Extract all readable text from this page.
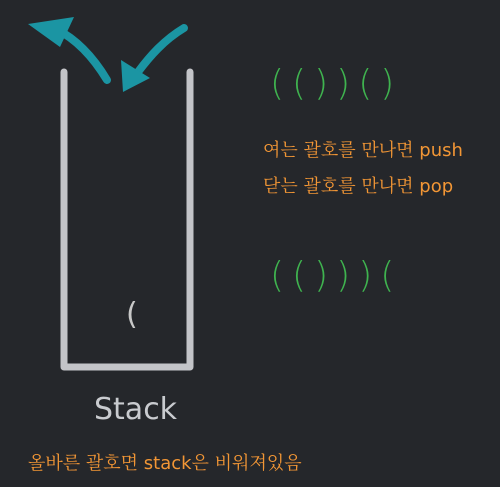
( ( ) ) ( )
여는 괄호를 만나면 push
닫는 괄호를 만나면 pop
( ( ) ) ) (
(
Stack
올바른 괄호면 stack은 비워져있음
